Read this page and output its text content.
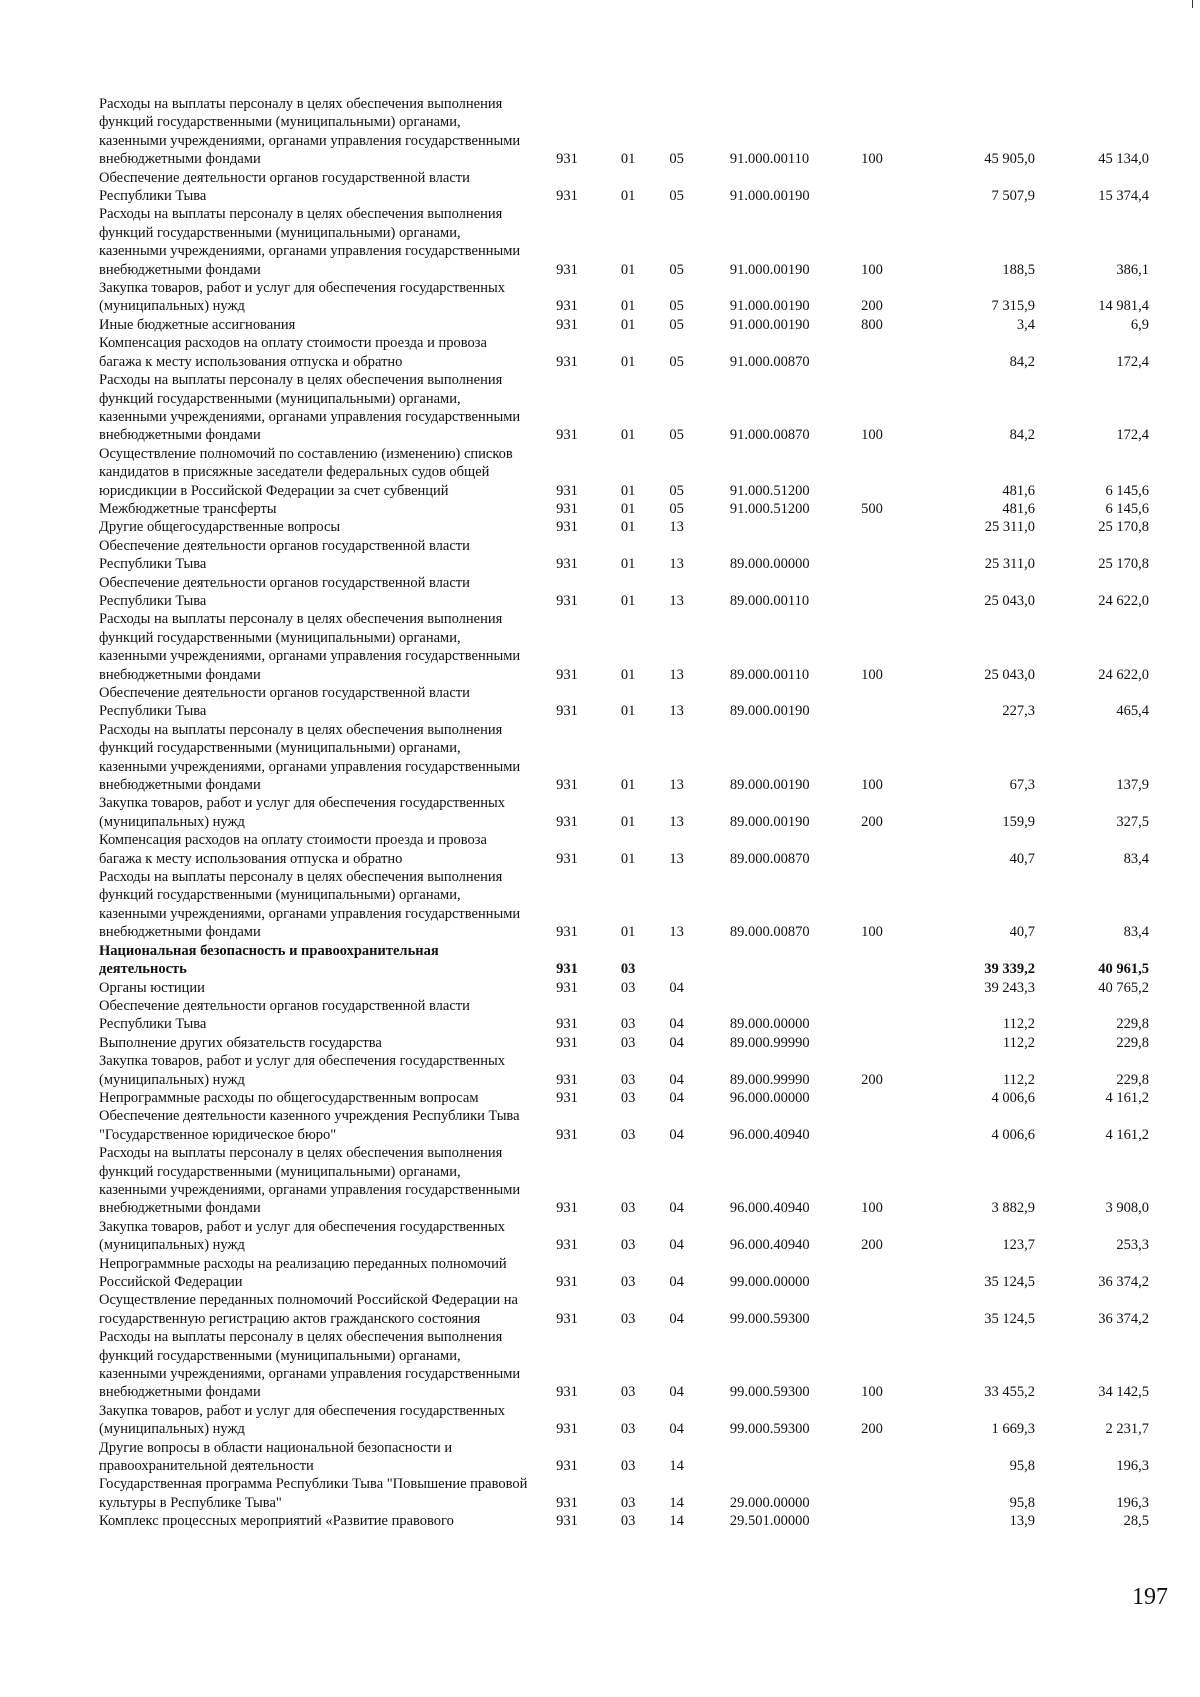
Расходы на выплаты персоналу в целях обеспечения выполнения функций государственными (муниципальными) органами, казенными учреждениями, органами управления государственными внебюджетными фондами	931	01	05	91.000.00110	100	45 905,0	45 134,0
Обеспечение деятельности органов государственной власти Республики Тыва	931	01	05	91.000.00190		7 507,9	15 374,4
Расходы на выплаты персоналу в целях обеспечения выполнения функций государственными (муниципальными) органами, казенными учреждениями, органами управления государственными внебюджетными фондами	931	01	05	91.000.00190	100	188,5	386,1
Закупка товаров, работ и услуг для обеспечения государственных (муниципальных) нужд	931	01	05	91.000.00190	200	7 315,9	14 981,4
Иные бюджетные ассигнования	931	01	05	91.000.00190	800	3,4	6,9
Компенсация расходов на оплату стоимости проезда и провоза багажа к месту использования отпуска и обратно	931	01	05	91.000.00870		84,2	172,4
Расходы на выплаты персоналу в целях обеспечения выполнения функций государственными (муниципальными) органами, казенными учреждениями, органами управления государственными внебюджетными фондами	931	01	05	91.000.00870	100	84,2	172,4
Осуществление полномочий по составлению (изменению) списков кандидатов в присяжные заседатели федеральных судов общей юрисдикции в Российской Федерации за счет субвенций	931	01	05	91.000.51200		481,6	6 145,6
Межбюджетные трансферты	931	01	05	91.000.51200	500	481,6	6 145,6
Другие общегосударственные вопросы	931	01	13			25 311,0	25 170,8
Обеспечение деятельности органов государственной власти Республики Тыва	931	01	13	89.000.00000		25 311,0	25 170,8
Обеспечение деятельности органов государственной власти Республики Тыва	931	01	13	89.000.00110		25 043,0	24 622,0
Расходы на выплаты персоналу в целях обеспечения выполнения функций государственными (муниципальными) органами, казенными учреждениями, органами управления государственными внебюджетными фондами	931	01	13	89.000.00110	100	25 043,0	24 622,0
Обеспечение деятельности органов государственной власти Республики Тыва	931	01	13	89.000.00190		227,3	465,4
Расходы на выплаты персоналу в целях обеспечения выполнения функций государственными (муниципальными) органами, казенными учреждениями, органами управления государственными внебюджетными фондами	931	01	13	89.000.00190	100	67,3	137,9
Закупка товаров, работ и услуг для обеспечения государственных (муниципальных) нужд	931	01	13	89.000.00190	200	159,9	327,5
Компенсация расходов на оплату стоимости проезда и провоза багажа к месту использования отпуска и обратно	931	01	13	89.000.00870		40,7	83,4
Расходы на выплаты персоналу в целях обеспечения выполнения функций государственными (муниципальными) органами, казенными учреждениями, органами управления государственными внебюджетными фондами	931	01	13	89.000.00870	100	40,7	83,4
Национальная безопасность и правоохранительная деятельность	931	03				39 339,2	40 961,5
Органы юстиции	931	03	04			39 243,3	40 765,2
Обеспечение деятельности органов государственной власти Республики Тыва	931	03	04	89.000.00000		112,2	229,8
Выполнение других обязательств государства	931	03	04	89.000.99990		112,2	229,8
Закупка товаров, работ и услуг для обеспечения государственных (муниципальных) нужд	931	03	04	89.000.99990	200	112,2	229,8
Непрограммные расходы по общегосударственным вопросам	931	03	04	96.000.00000		4 006,6	4 161,2
Обеспечение деятельности казенного учреждения Республики Тыва "Государственное юридическое бюро"	931	03	04	96.000.40940		4 006,6	4 161,2
Расходы на выплаты персоналу в целях обеспечения выполнения функций государственными (муниципальными) органами, казенными учреждениями, органами управления государственными внебюджетными фондами	931	03	04	96.000.40940	100	3 882,9	3 908,0
Закупка товаров, работ и услуг для обеспечения государственных (муниципальных) нужд	931	03	04	96.000.40940	200	123,7	253,3
Непрограммные расходы на реализацию переданных полномочий Российской Федерации	931	03	04	99.000.00000		35 124,5	36 374,2
Осуществление переданных полномочий Российской Федерации на государственную регистрацию актов гражданского состояния	931	03	04	99.000.59300		35 124,5	36 374,2
Расходы на выплаты персоналу в целях обеспечения выполнения функций государственными (муниципальными) органами, казенными учреждениями, органами управления государственными внебюджетными фондами	931	03	04	99.000.59300	100	33 455,2	34 142,5
Закупка товаров, работ и услуг для обеспечения государственных (муниципальных) нужд	931	03	04	99.000.59300	200	1 669,3	2 231,7
Другие вопросы в области национальной безопасности и правоохранительной деятельности	931	03	14			95,8	196,3
Государственная программа Республики Тыва "Повышение правовой культуры в Республике Тыва"	931	03	14	29.000.00000		95,8	196,3
Комплекс процессных мероприятий «Развитие правового	931	03	14	29.501.00000		13,9	28,5
197
